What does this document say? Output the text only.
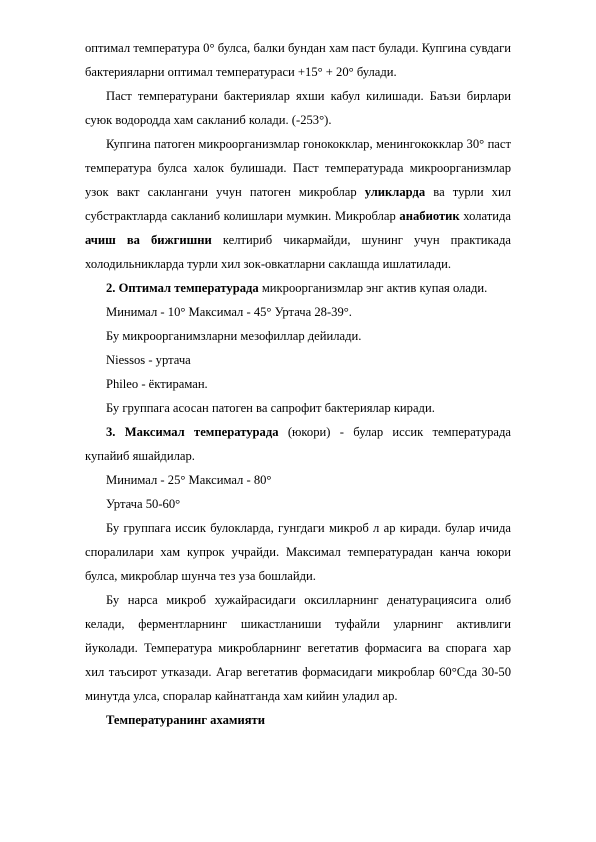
оптимал температура 0° булса, балки бундан хам паст булади. Купгина сувдаги бактерияларни оптимал температураси +15° + 20° булади.

Паст температурани бактериялар яхши кабул килишади. Баъзи бирлари суюк водородда хам сакланиб колади. (-253°).

Купгина патоген микроорганизмлар гонококклар, менингококклар 30° паст температура булса халок булишади. Паст температурада микроорганизмлар узок вакт саклангани учун патоген микроблар уликларда ва турли хил субстрактларда сакланиб колишлари мумкин. Микроблар анабиотик холатида ачиш ва бижгишни келтириб чикармайди, шунинг учун практикада холодильникларда турли хил зок-овкатларни саклашда ишлатилади.

2. Оптимал температурада микроорганизмлар энг актив купая олади.

Минимал - 10° Максимал - 45° Уртача 28-39°.

Бу микроорганимзларни мезофиллар дейилади.

Niessos - уртача

Phileo - ёктираман.

Бу группага асосан патоген ва сапрофит бактериялар киради.

3. Максимал температурада (юкори) - булар иссик температурада купайиб яшайдилар.

Минимал - 25° Максимал - 80°

Уртача 50-60°

Бу группага иссик булокларда, гунгдаги микроб л ар киради. булар ичида споралилари хам купрок учрайди. Максимал температурадан канча юкори булса, микроблар шунча тез уза бошлайди.

Бу нарса микроб хужайрасидаги оксилларнинг денатурациясига олиб келади, ферментларнинг шикастланиши туфайли уларнинг активлиги йуколади. Температура микробларнинг вегетатив формасига ва спорага хар хил таъсирот утказади. Агар вегетатив формасидаги микроблар 60°Сда 30-50 минутда улса, споралар кайнатганда хам кийин уладил ар.

Температуранинг ахамияти
